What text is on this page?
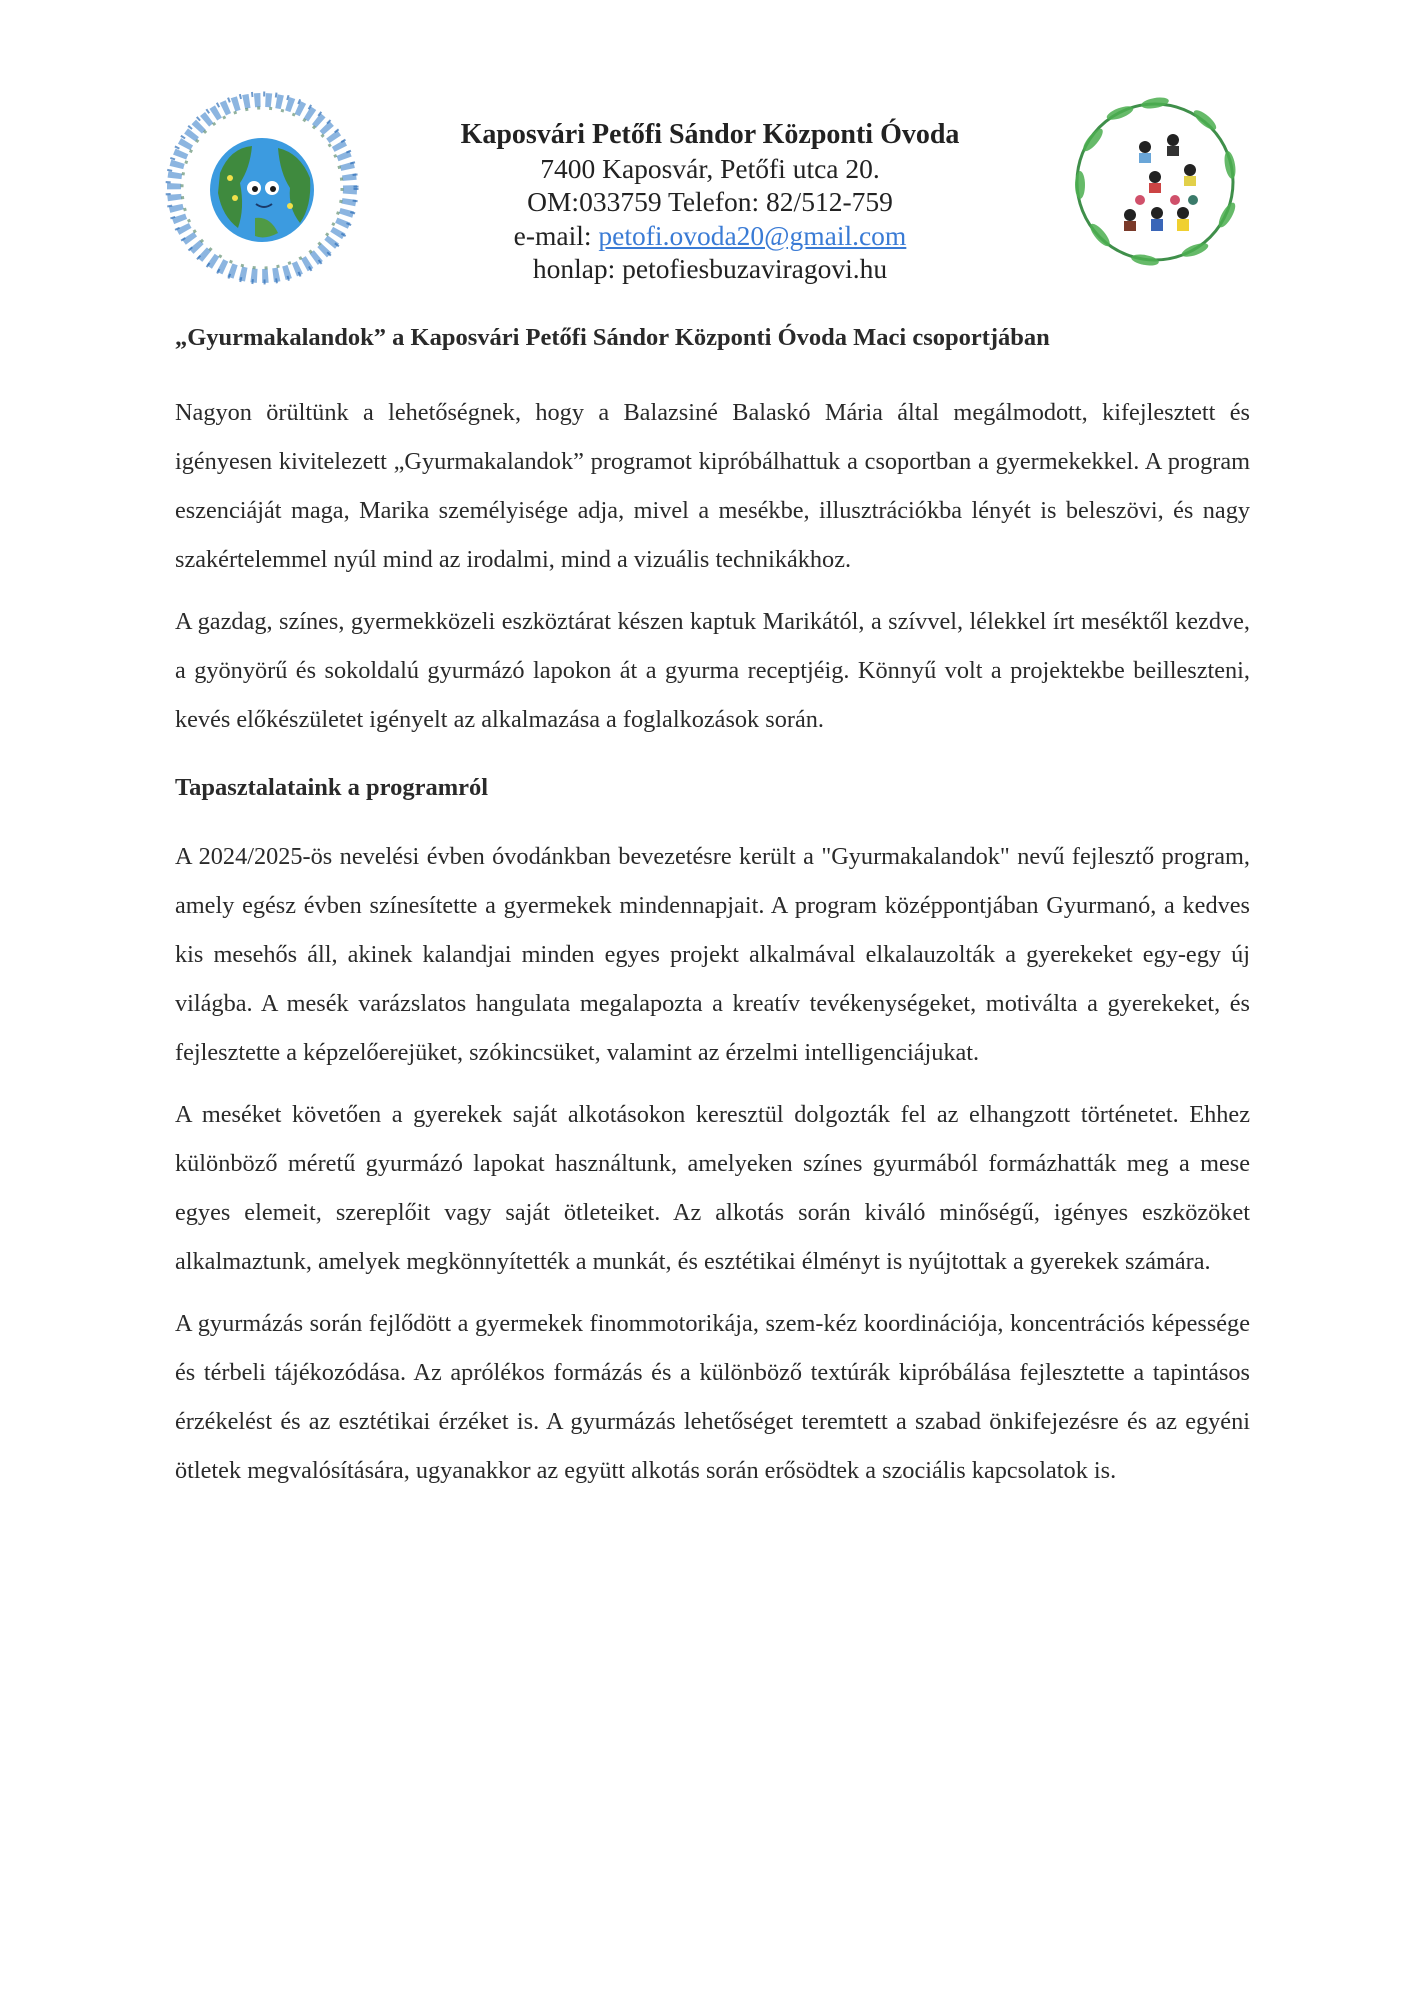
Kaposvári Petőfi Sándor Központi Óvoda
7400 Kaposvár, Petőfi utca 20.
OM:033759 Telefon: 82/512-759
e-mail: petofi.ovoda20@gmail.com
honlap: petofiesbuzaviragovi.hu
„Gyurmakalandok” a Kaposvári Petőfi Sándor Központi Óvoda Maci csoportjában

Nagyon örültünk a lehetőségnek, hogy a Balazsiné Balaskó Mária által megálmodott, kifejlesztett és igényesen kivitelezett „Gyurmakalandok” programot kipróbálhattuk a csoportban a gyermekekkel. A program eszenciáját maga, Marika személyisége adja, mivel a mesékbe, illusztrációkba lényét is beleszövi, és nagy szakértelemmel nyúl mind az irodalmi, mind a vizuális technikákhoz.

A gazdag, színes, gyermekközeli eszköztárat készen kaptuk Marikától, a szívvel, lélekkel írt meséktől kezdve, a gyönyörű és sokoldalú gyurmázó lapokon át a gyurma receptjéig. Könnyű volt a projektekbe beilleszteni, kevés előkészületet igényelt az alkalmazása a foglalkozások során.

Tapasztalataink a programról

A 2024/2025-ös nevelési évben óvodánkban bevezetésre került a "Gyurmakalandok" nevű fejlesztő program, amely egész évben színesítette a gyermekek mindennapjait. A program középpontjában Gyurmanó, a kedves kis mesehős áll, akinek kalandjai minden egyes projekt alkalmával elkalauzolták a gyerekeket egy-egy új világba. A mesék varázslatos hangulata megalapozta a kreatív tevékenységeket, motiválta a gyerekeket, és fejlesztette a képzelőerejüket, szókincsüket, valamint az érzelmi intelligenciájukat.

A meséket követően a gyerekek saját alkotásokon keresztül dolgozták fel az elhangzott történetet. Ehhez különböző méretű gyurmázó lapokat használtunk, amelyeken színes gyurmából formázhatták meg a mese egyes elemeit, szereplőit vagy saját ötleteiket. Az alkotás során kiváló minőségű, igényes eszközöket alkalmaztunk, amelyek megkönnyítették a munkát, és esztétikai élményt is nyújtottak a gyerekek számára.

A gyurmázás során fejlődött a gyermekek finommotorikája, szem-kéz koordinációja, koncentrációs képessége és térbeli tájékozódása. Az aprólékos formázás és a különböző textúrák kipróbálása fejlesztette a tapintásos érzékelést és az esztétikai érzéket is. A gyurmázás lehetőséget teremtett a szabad önkifejezésre és az egyéni ötletek megvalósítására, ugyanakkor az együtt alkotás során erősödtek a szociális kapcsolatok is.
